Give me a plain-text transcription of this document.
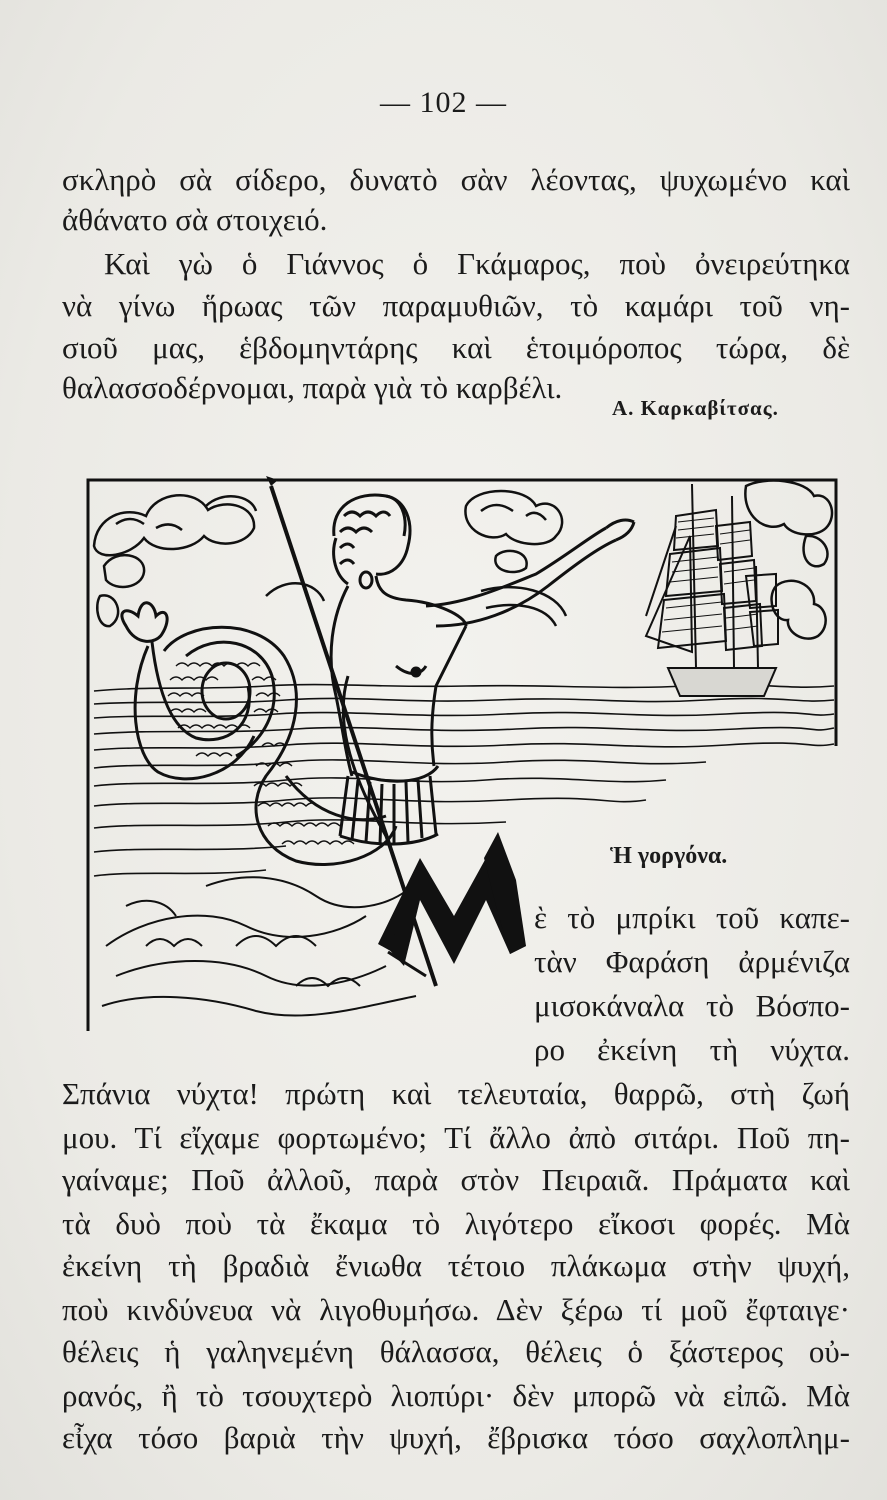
— 102 —
σκληρὸ σὰ σίδερο, δυνατὸ σὰν λέοντας, ψυχωμένο καὶ
ἀθάνατο σὰ στοιχειό.
Καὶ γὼ ὁ Γιάννος ὁ Γκάμαρος, ποὺ ὀνειρεύτηκα
νὰ γίνω ἥρωας τῶν παραμυθιῶν, τὸ καμάρι τοῦ νη-
σιοῦ μας, ἑβδομηντάρης καὶ ἑτοιμόροπος τώρα, δὲ
θαλασσοδέρνομαι, παρὰ γιὰ τὸ καρβέλι.
Α. Καρκαβίτσας.
Ἡ γοργόνα.
ὲ τὸ μπρίκι τοῦ καπε-
τὰν Φαράση ἀρμένιζα
μισοκάναλα τὸ Βόσπο-
ρο ἐκείνη τὴ νύχτα.
Σπάνια νύχτα! πρώτη καὶ τελευταία, θαρρῶ, στὴ ζωή
μου. Τί εἴχαμε φορτωμένο; Τί ἄλλο ἀπὸ σιτάρι. Ποῦ πη-
γαίναμε; Ποῦ ἀλλοῦ, παρὰ στὸν Πειραιᾶ. Πράματα καὶ
τὰ δυὸ ποὺ τὰ ἔκαμα τὸ λιγότερο εἴκοσι φορές. Μὰ
ἐκείνη τὴ βραδιὰ ἔνιωθα τέτοιο πλάκωμα στὴν ψυχή,
ποὺ κινδύνευα νὰ λιγοθυμήσω. Δὲν ξέρω τί μοῦ ἔφταιγε·
θέλεις ἡ γαληνεμένη θάλασσα, θέλεις ὁ ξάστερος οὐ-
ρανός, ἢ τὸ τσουχτερὸ λιοπύρι· δὲν μπορῶ νὰ εἰπῶ. Μὰ
εἶχα τόσο βαριὰ τὴν ψυχή, ἔβρισκα τόσο σαχλοπλημ-
